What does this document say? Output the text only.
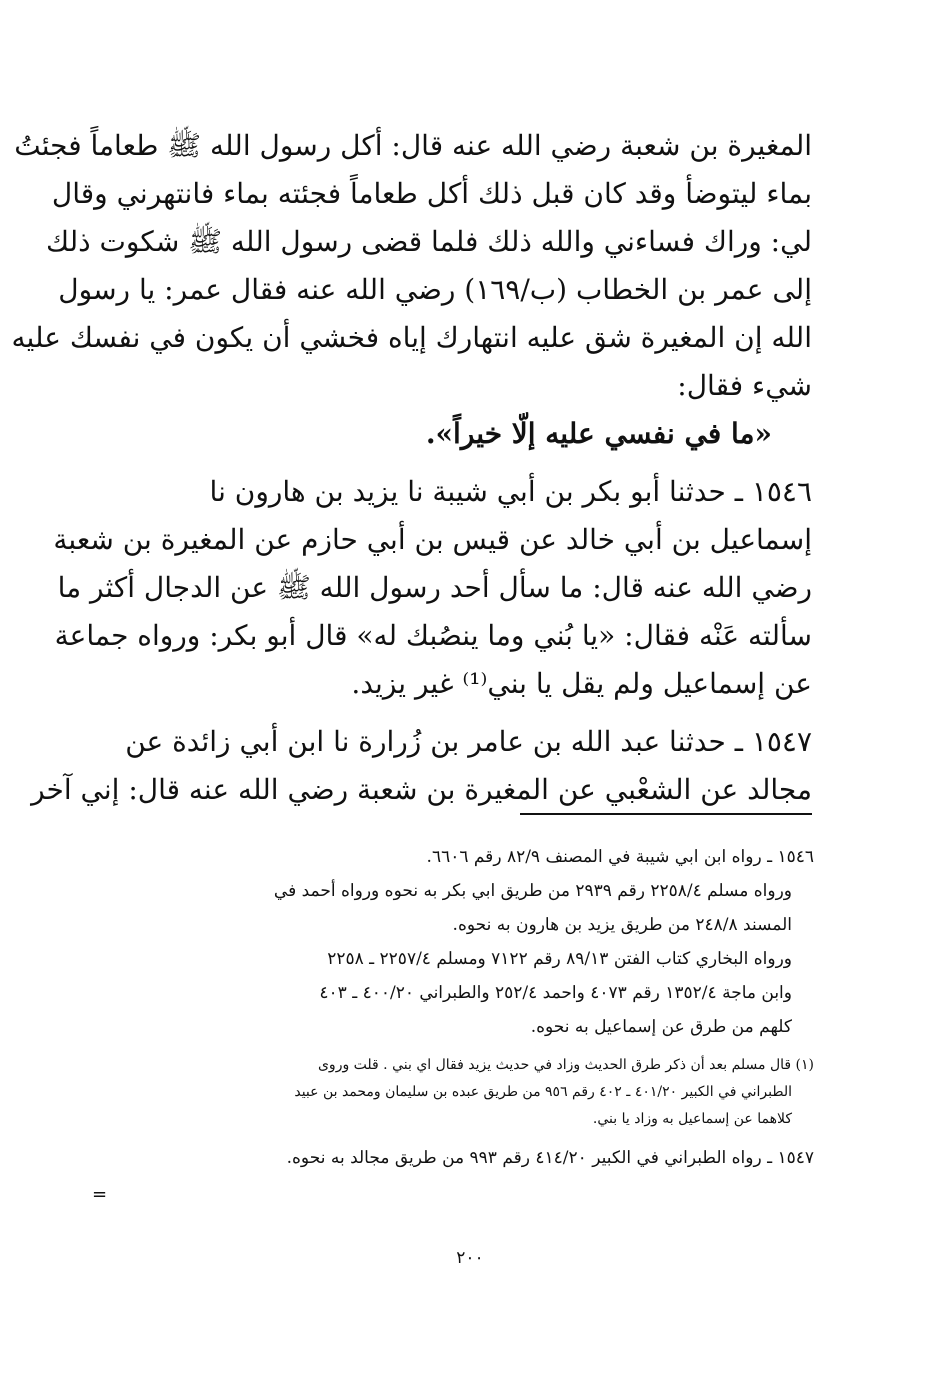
المغيرة بن شعبة رضي الله عنه قال: أكل رسول الله ﷺ طعاماً فجئتُ
بماء ليتوضأ وقد كان قبل ذلك أكل طعاماً فجئته بماء فانتهرني وقال
لي: وراك فساءني والله ذلك فلما قضى رسول الله ﷺ شكوت ذلك
إلى عمر بن الخطاب (ب/١٦٩) رضي الله عنه فقال عمر: يا رسول
الله إن المغيرة شق عليه انتهارك إياه فخشي أن يكون في نفسك عليه
شيء فقال:
«ما في نفسي عليه إلّا خيراً».
١٥٤٦ ـ حدثنا أبو بكر بن أبي شيبة نا يزيد بن هارون نا
إسماعيل بن أبي خالد عن قيس بن أبي حازم عن المغيرة بن شعبة
رضي الله عنه قال: ما سأل أحد رسول الله ﷺ عن الدجال أكثر ما
سألته عَنْه فقال: «يا بُني وما ينصُبك له» قال أبو بكر: ورواه جماعة
عن إسماعيل ولم يقل يا بني⁽¹⁾ غير يزيد.
١٥٤٧ ـ حدثنا عبد الله بن عامر بن زُرارة نا ابن أبي زائدة عن
مجالد عن الشعْبي عن المغيرة بن شعبة رضي الله عنه قال: إني آخر
١٥٤٦ ـ رواه ابن ابي شيبة في المصنف ٨٢/٩ رقم ٦٦٠٦.
ورواه مسلم ٢٢٥٨/٤ رقم ٢٩٣٩ من طريق ابي بكر به نحوه ورواه أحمد في
المسند ٢٤٨/٨ من طريق يزيد بن هارون به نحوه.
ورواه البخاري كتاب الفتن ٨٩/١٣ رقم ٧١٢٢ ومسلم ٢٢٥٧/٤ ـ ٢٢٥٨
وابن ماجة ١٣٥٢/٤ رقم ٤٠٧٣ واحمد ٢٥٢/٤ والطبراني ٤٠٠/٢٠ ـ ٤٠٣
كلهم من طرق عن إسماعيل به نحوه.
(١) قال مسلم بعد أن ذكر طرق الحديث وزاد في حديث يزيد فقال اي بني . قلت وروى
الطبراني في الكبير ٤٠١/٢٠ ـ ٤٠٢ رقم ٩٥٦ من طريق عبده بن سليمان ومحمد بن عبيد
كلاهما عن إسماعيل به وزاد يا بني.
١٥٤٧ ـ رواه الطبراني في الكبير ٤١٤/٢٠ رقم ٩٩٣ من طريق مجالد به نحوه.
=
٢٠٠
